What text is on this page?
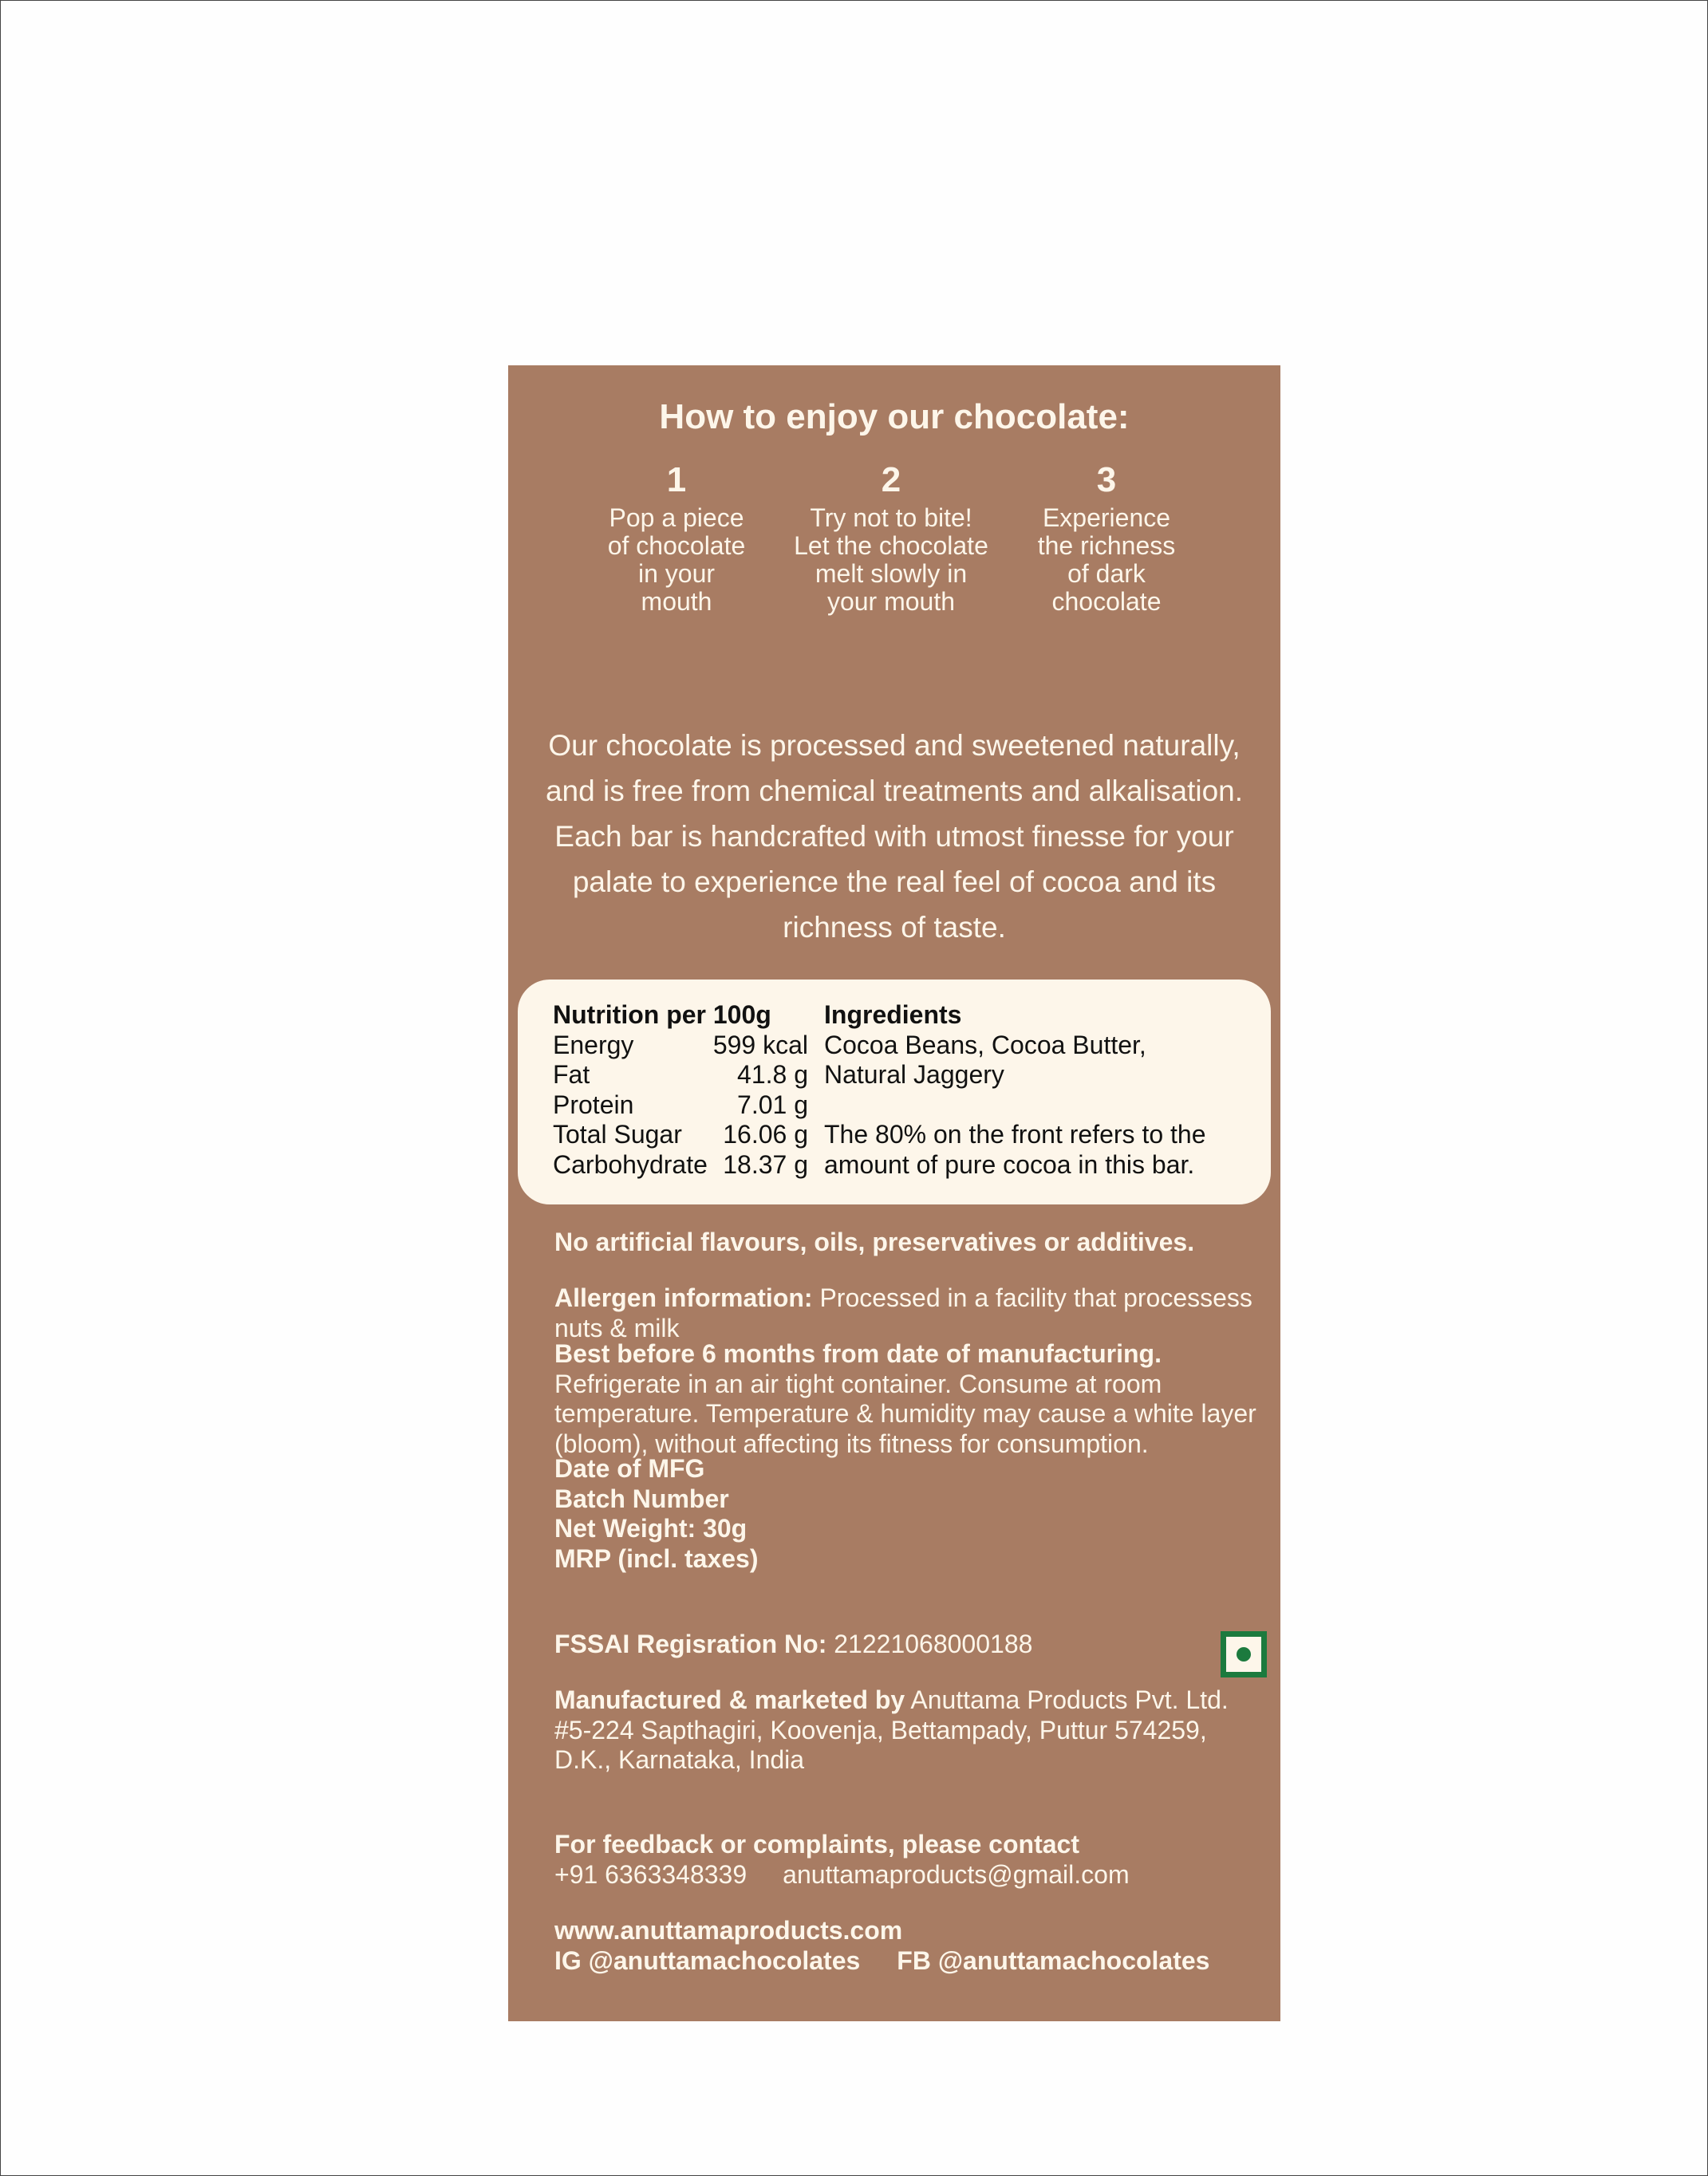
How to enjoy our chocolate:
1
Pop a piece
of chocolate
in your
mouth
2
Try not to bite!
Let the chocolate
melt slowly in
your mouth
3
Experience
the richness
of dark
chocolate
Our chocolate is processed and sweetened naturally, and is free from chemical treatments and alkalisation. Each bar is handcrafted with utmost finesse for your palate to experience the real feel of cocoa and its richness of taste.
Nutrition per 100g
Energy	599 kcal
Fat	41.8 g
Protein	7.01 g
Total Sugar 16.06 g
Carbohydrate 18.37 g
Ingredients
Cocoa Beans, Cocoa Butter,
Natural Jaggery
The 80% on the front refers to the
amount of pure cocoa in this bar.
No artificial flavours, oils, preservatives or additives.
Allergen information: Processed in a facility that processess nuts & milk
Best before 6 months from date of manufacturing.
Refrigerate in an air tight container. Consume at room temperature. Temperature & humidity may cause a white layer (bloom), without affecting its fitness for consumption.
Date of MFG
Batch Number
Net Weight: 30g
MRP (incl. taxes)
FSSAI Regisration No: 21221068000188
Manufactured & marketed by Anuttama Products Pvt. Ltd.
#5-224 Sapthagiri, Koovenja, Bettampady, Puttur 574259,
D.K., Karnataka, India
For feedback or complaints, please contact
+91 6363348339 anuttamaproducts@gmail.com
www.anuttamaproducts.com
IG @anuttamachocolates FB @anuttamachocolates
